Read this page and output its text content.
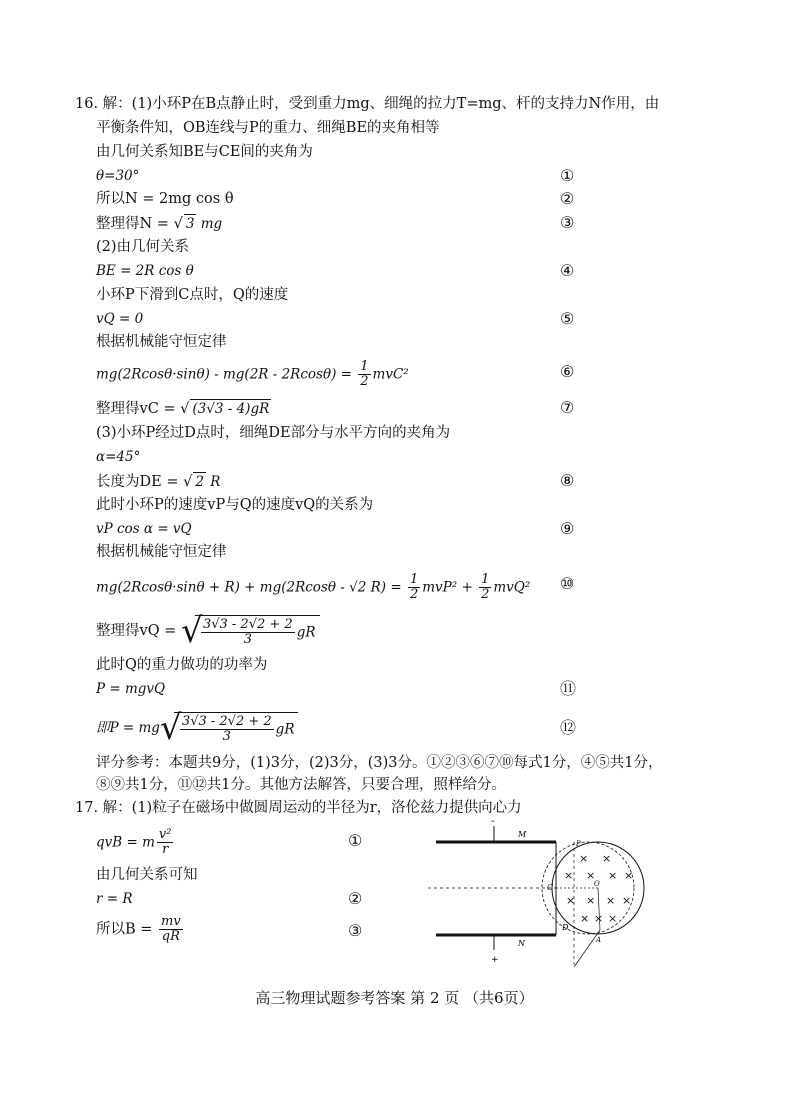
16. 解：(1)小环P在B点静止时，受到重力mg、细绳的拉力T=mg、杆的支持力N作用，由
平衡条件知，OB连线与P的重力、细绳BE的夹角相等
由几何关系知BE与CE间的夹角为
θ=30°
所以N = 2mg cos θ
整理得N = √ 3 mg
(2)由几何关系
BE = 2R cos θ
小环P下滑到C点时，Q的速度
vQ = 0
根据机械能守恒定律
$mg(2Rcos\theta\cdot\sin\theta) - mg(2R - 2Rcos\theta) = \frac{1}{2} mvC^2$
整理得vC = √ (3√3 - 4)gR
(3)小环P经过D点时，细绳DE部分与水平方向的夹角为
α=45°
长度为DE = √ 2 R
此时小环P的速度vP与Q的速度vQ的关系为
vP cos α = vQ
根据机械能守恒定律
mg(2Rcosθ·sinθ + R) + mg(2Rcosθ - √2 $R) = \frac{1}{2} mvP^2 + \frac{1}{2} mvQ^2$
整理得vQ = √
$\frac{3√3 - 2√2 + 2}{3}$ gR
此时Q的重力做功的功率为
P = mgvQ
即P = mg √
$\frac{3√3 - 2√2 + 2}{3}$ gR
评分参考：本题共9分，(1)3分，(2)3分，(3)3分。①②③⑥⑦⑩每式1分，④⑤共1分，
⑧⑨共1分，⑪⑫共1分。其他方法解答，只要合理，照样给分。
①
②
③
④
⑤
⑥
⑦
⑧
⑨
⑩
⑪
⑫
17. 解：(1)粒子在磁场中做圆周运动的半径为r，洛伦兹力提供向心力
qvB = m $\frac{\text{v²}}{r}$
由几何关系可知
r = R
所以$B = \frac{mv}{qR}$
①
②
③
-
M
N
C
D
P
A
O
× ×
× × × ×
× × × ×
× × ×
+
高三物理试题参考答案 第 2 页 （共6页）
